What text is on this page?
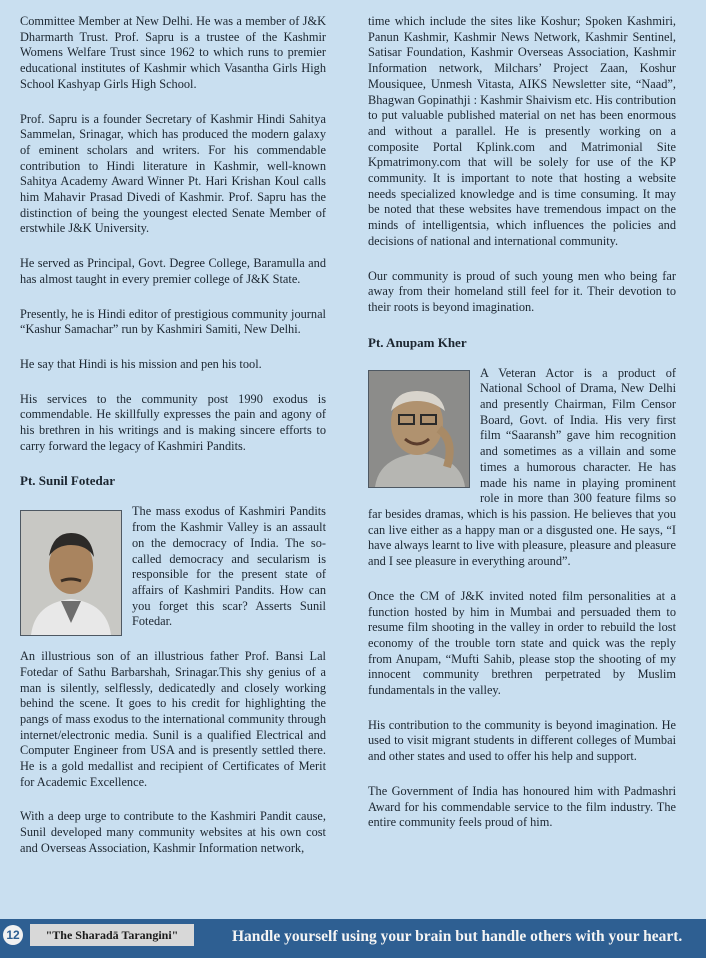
Committee Member at New Delhi. He was a member of J&K Dharmarth Trust. Prof. Sapru is a trustee of the Kashmir Womens Welfare Trust since 1962 to which runs to premier educational institutes of Kashmir which Vasantha Girls High School Kashyap Girls High School.

Prof. Sapru is a founder Secretary of Kashmir Hindi Sahitya Sammelan, Srinagar, which has produced the modern galaxy of eminent scholars and writers. For his commendable contribution to Hindi literature in Kashmir, well-known Sahitya Academy Award Winner Pt. Hari Krishan Koul calls him Mahavir Prasad Divedi of Kashmir. Prof. Sapru has the distinction of being the youngest elected Senate Member of erstwhile J&K University.

He served as Principal, Govt. Degree College, Baramulla and has almost taught in every premier college of J&K State.

Presently, he is Hindi editor of prestigious community journal “Kashur Samachar” run by Kashmiri Samiti, New Delhi.

He say that Hindi is his mission and pen his tool.

His services to the community post 1990 exodus is commendable. He skillfully expresses the pain and agony of his brethren in his writings and is making sincere efforts to carry forward the legacy of Kashmiri Pandits.

Pt. Sunil Fotedar

The mass exodus of Kashmiri Pandits from the Kashmir Valley is an assault on the democracy of India. The so-called democracy and secularism is responsible for the present state of affairs of Kashmiri Pandits. How can you forget this scar? Asserts Sunil Fotedar.

An illustrious son of an illustrious father Prof. Bansi Lal Fotedar of Sathu Barbarshah, Srinagar.This shy genius of a man is silently, selflessly, dedicatedly and closely working behind the scene. It goes to his credit for highlighting the pangs of mass exodus to the international community through internet/electronic media. Sunil is a qualified Electrical and Computer Engineer from USA and is presently settled there. He is a gold medallist and recipient of Certificates of Merit for Academic Excellence.

With a deep urge to contribute to the Kashmiri Pandit cause, Sunil developed many community websites at his own cost and Overseas Association, Kashmir Information network,

time which include the sites like Koshur; Spoken Kashmiri, Panun Kashmir, Kashmir News Network, Kashmir Sentinel, Satisar Foundation, Kashmir Overseas Association, Kashmir Information network, Milchars’ Project Zaan, Koshur Mousiquee, Unmesh Vitasta, AIKS Newsletter site, “Naad”, Bhagwan Gopinathji : Kashmir Shaivism etc. His contribution to put valuable published material on net has been enormous and without a parallel. He is presently working on a composite Portal Kplink.com and Matrimonial Site Kpmatrimony.com that will be solely for use of the KP community. It is important to note that hosting a website needs specialized knowledge and is time consuming. It may be noted that these websites have tremendous impact on the minds of intelligentsia, which influences the policies and decisions of national and international community.

Our community is proud of such young men who being far away from their homeland still feel for it. Their devotion to their roots is beyond imagination.

Pt. Anupam Kher

A Veteran Actor is a product of National School of Drama, New Delhi and presently Chairman, Film Censor Board, Govt. of India. His very first film “Saaransh” gave him recognition and sometimes as a villain and some times a humorous character. He has made his name in playing prominent role in more than 300 feature films so far besides dramas, which is his passion. He believes that you can live either as a happy man or a disgusted one. He says, “I have always learnt to live with pleasure, pleasure and pleasure and I see pleasure in everything around”.

Once the CM of J&K invited noted film personalities at a function hosted by him in Mumbai and persuaded them to resume film shooting in the valley in order to rebuild the lost economy of the trouble torn state and quick was the reply from Anupam, “Mufti Sahib, please stop the shooting of my innocent community brethren perpetrated by Muslim fundamentals in the valley.

His contribution to the community is beyond imagination. He used to visit migrant students in different colleges of Mumbai and other states and used to offer his help and support.

The Government of India has honoured him with Padmashri Award for his commendable service to the film industry. The entire community feels proud of him.

12	"The Sharadā Tarangini"	Handle yourself using your brain but handle others with your heart.
